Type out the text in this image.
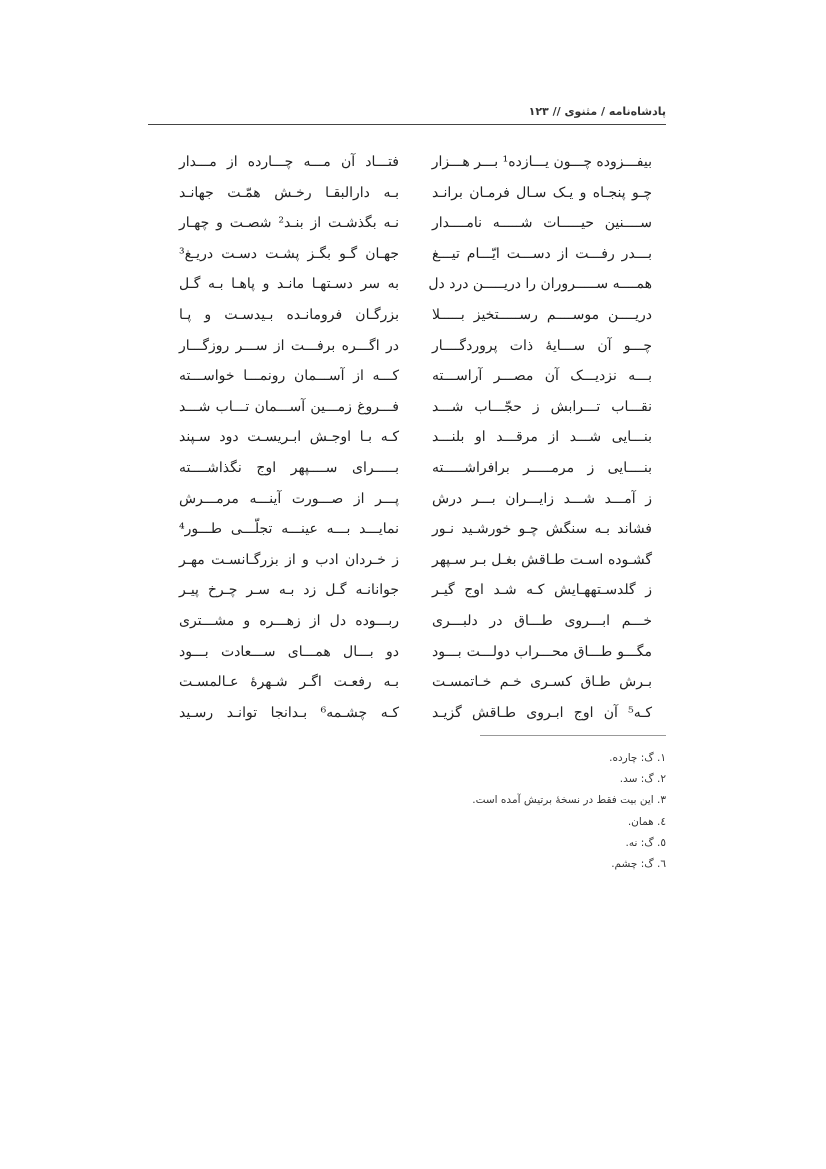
پادشاه‌نامه / مثنوی // ۱۲۳
بیفـــزوده چـــون یـــازده¹ بـــر هـــزار
چـو پنجـاه و یـک سـال فرمـان برانـد
ســــنین حیـــــات شـــــه نامــــدار
بـــدر رفـــت از دســـت ایّـــام تیـــغ
همــــه ســـــروران را دریـــــن درد دل
دریــــن موســــم رســـــتخیز بـــــلا
چـــو آن ســـایهٔ ذات پروردگــــار
بـــه نزدیـــک آن مصـــر آراســـته
نقـــاب تـــرابش ز حجّـــاب شـــد
بنـــایی شـــد از مرقـــد او بلنـــد
بنــــایی ز مرمـــــر برافراشـــــته
ز آمـــد شـــد زایـــران بـــر درش
فشاند بـه سنگش چـو خورشـید نـور
گشـوده اسـت طـاقش بغـل بـر سـپهر
ز گلدسـتههـایش کـه شـد اوج گیـر
خـــم ابـــروی طـــاق در دلبـــری
مگـــو طـــاق محـــراب دولـــت بـــود
بـرش طـاق کسـری خـم خـاتمسـت
کـه⁵ آن اوج ابـروی طـاقش گزیـد
فتـــاد آن مـــه چـــارده از مـــدار
بـه دارالبقـا رخـش همّـت جهانـد
نـه بگذشـت از بنـد² شصـت و چهـار
جهـان گـو بگـز پشـت دسـت دریـغ³
به سر دسـتهـا مانـد و پاهـا بـه گـل
بزرگـان فرومانـده بـیدسـت و پـا
در اگـــره برفـــت از ســـر روزگـــار
کـــه از آســـمان رونمـــا خواســـته
فـــروغ زمـــین آســـمان تـــاب شـــد
کـه بـا اوجـش ابـریسـت دود سـپند
بـــــرای ســــپهر اوج نگذاشــــته
پـــر از صـــورت آینـــه مرمـــرش
نمایـــد بـــه عینـــه تجلّـــی طـــور⁴
ز خـردان ادب و از بزرگـانسـت مهـر
جوانانـه گـل زد بـه سـر چـرخ پیـر
ربـــوده دل از زهـــره و مشـــتری
دو بـــال همـــای ســـعادت بـــود
بـه رفعـت اگـر شـهرهٔ عـالمسـت
کـه چشـمه⁶ بـدانجا توانـد رسـید
۱. گ: چارده.
۲. گ: سد.
۳. این بیت فقط در نسخهٔ برتیش آمده است.
٤. همان.
٥. گ: نه.
٦. گ: چشم.
